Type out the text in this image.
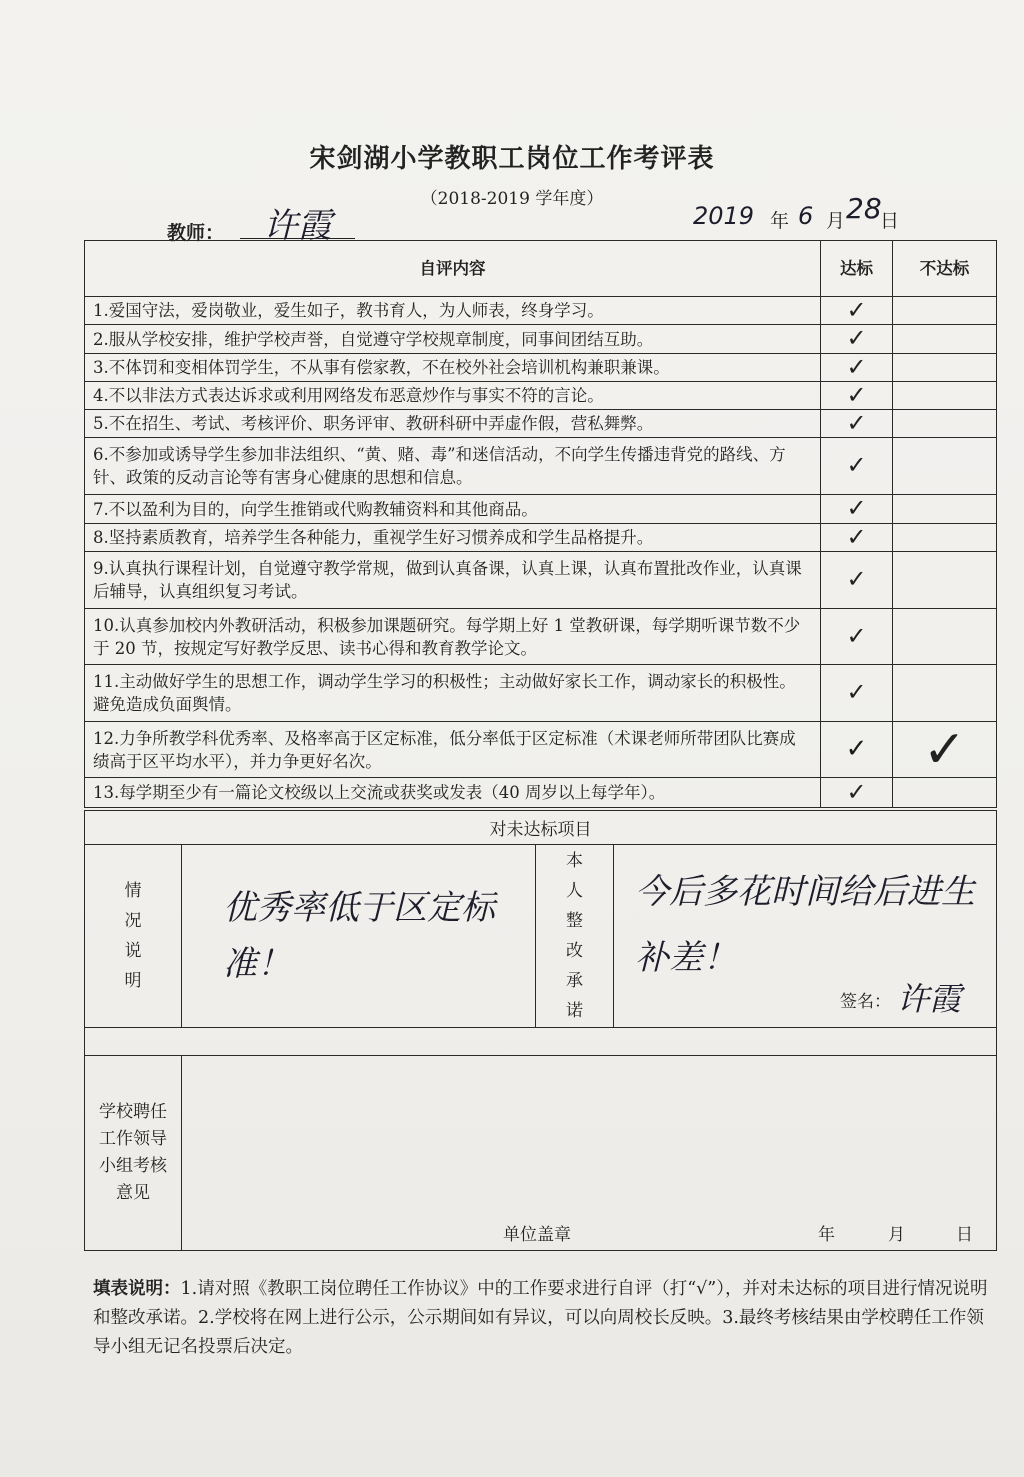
宋剑湖小学教职工岗位工作考评表
（2018-2019 学年度）
教师：	许霞	2019 年 6 月 28
日
自评内容	达标	不达标
1.爱国守法，爱岗敬业，爱生如子，教书育人，为人师表，终身学习。	✓	
2.服从学校安排，维护学校声誉，自觉遵守学校规章制度，同事间团结互助。	✓	
3.不体罚和变相体罚学生，不从事有偿家教，不在校外社会培训机构兼职兼课。	✓	
4.不以非法方式表达诉求或利用网络发布恶意炒作与事实不符的言论。	✓	
5.不在招生、考试、考核评价、职务评审、教研科研中弄虚作假，营私舞弊。	✓	
6.不参加或诱导学生参加非法组织、“黄、赌、毒”和迷信活动，不向学生传播违背党的路线、方针、政策的反动言论等有害身心健康的思想和信息。	✓	
7.不以盈利为目的，向学生推销或代购教辅资料和其他商品。	✓	
8.坚持素质教育，培养学生各种能力，重视学生好习惯养成和学生品格提升。	✓	
9.认真执行课程计划，自觉遵守教学常规，做到认真备课，认真上课，认真布置批改作业，认真课后辅导，认真组织复习考试。	✓	
10.认真参加校内外教研活动，积极参加课题研究。每学期上好 1 堂教研课，每学期听课节数不少于 20 节，按规定写好教学反思、读书心得和教育教学论文。	✓	
11.主动做好学生的思想工作，调动学生学习的积极性；主动做好家长工作，调动家长的积极性。避免造成负面舆情。	✓	
12.力争所教学科优秀率、及格率高于区定标准，低分率低于区定标准（术课老师所带团队比赛成绩高于区平均水平），并力争更好名次。	✓	✓
13.每学期至少有一篇论文校级以上交流或获奖或发表（40 周岁以上每学年）。	✓	
对未达标项目			

情况说明	优秀率低于区定标准！	本人整改承诺	今后多花时间给后进生补差！
签名： 许霞

学校聘任工作领导小组考核意见	单位盖章 年 月 日		
填表说明：1.请对照《教职工岗位聘任工作协议》中的工作要求进行自评（打“√”），并对未达标的项目进行情况说明和整改承诺。2.学校将在网上进行公示，公示期间如有异议，可以向周校长反映。3.最终考核结果由学校聘任工作领导小组无记名投票后决定。
